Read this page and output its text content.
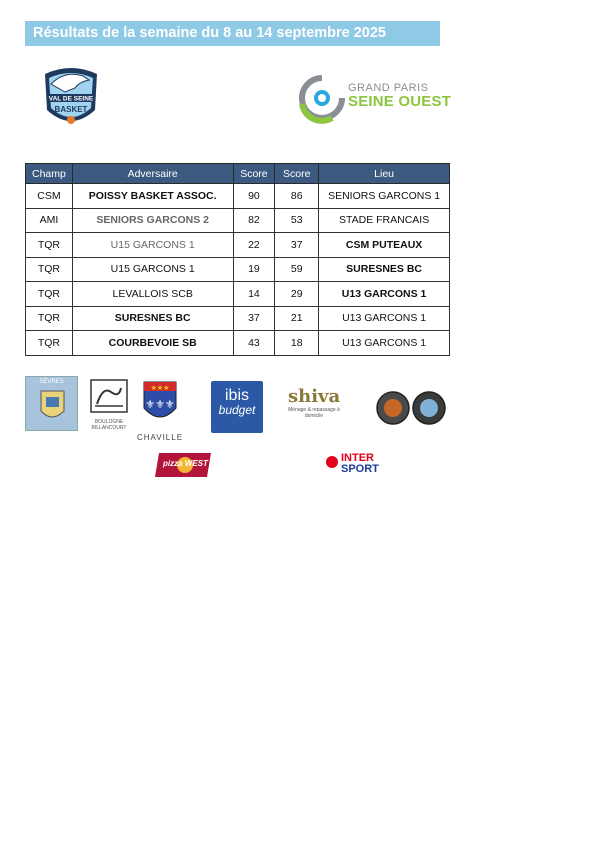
Résultats de la semaine du 8 au 14 septembre 2025
VAL DE SEINE
BASKET
GRAND PARIS
SEINE OUEST
Champ	Adversaire	Score	Score	Lieu
CSM	POISSY BASKET ASSOC.	90	86	SENIORS GARCONS 1
AMI	SENIORS GARCONS 2	82	53	STADE FRANCAIS
TQR	U15 GARCONS 1	22	37	CSM PUTEAUX
TQR	U15 GARCONS 1	19	59	SURESNES BC
TQR	LEVALLOIS SCB	14	29	U13 GARCONS 1
TQR	SURESNES BC	37	21	U13 GARCONS 1
TQR	COURBEVOIE SB	43	18	U13 GARCONS 1
SÈVRES
BOULOGNE BILLANCOURT
★★★
⚜⚜⚜
CHAVILLE
ibis
budget
shiva
Ménage & repassage à domicile
pizza WEST	INTER
SPORT
